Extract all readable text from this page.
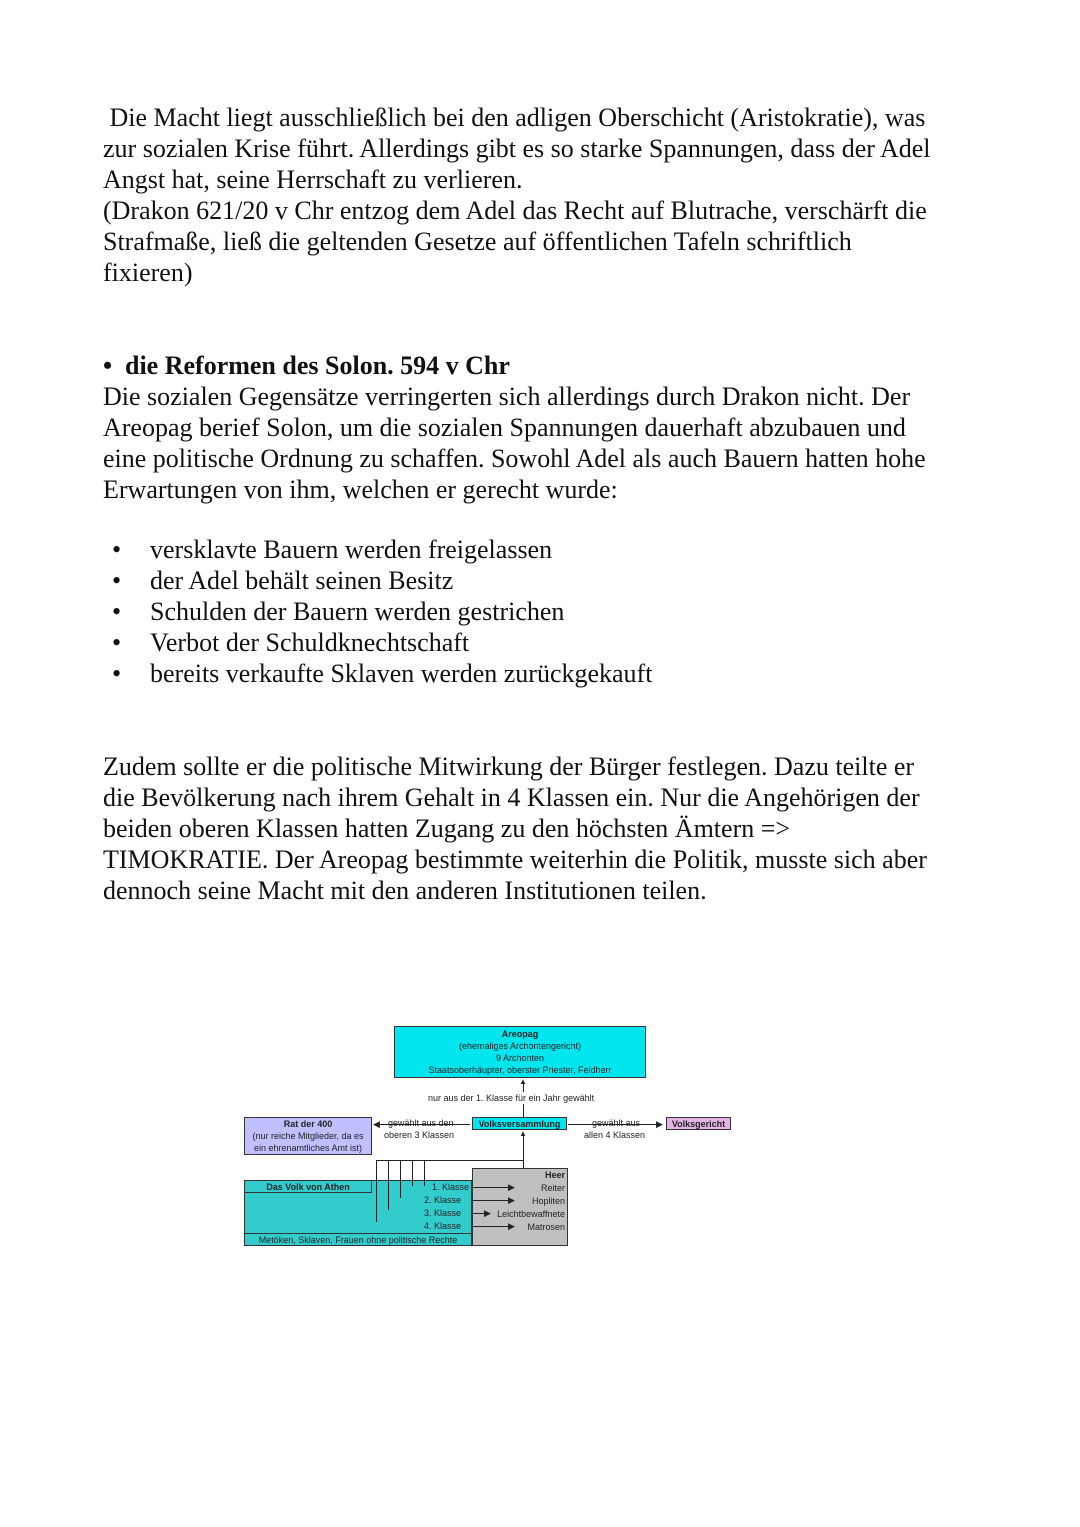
Die Macht liegt ausschließlich bei den adligen Oberschicht (Aristokratie), was
zur sozialen Krise führt. Allerdings gibt es so starke Spannungen, dass der Adel
Angst hat, seine Herrschaft zu verlieren.
(Drakon 621/20 v Chr entzog dem Adel das Recht auf Blutrache, verschärft die
Strafmaße, ließ die geltenden Gesetze auf öffentlichen Tafeln schriftlich
fixieren)
• die Reformen des Solon. 594 v Chr
Die sozialen Gegensätze verringerten sich allerdings durch Drakon nicht. Der
Areopag berief Solon, um die sozialen Spannungen dauerhaft abzubauen und
eine politische Ordnung zu schaffen. Sowohl Adel als auch Bauern hatten hohe
Erwartungen von ihm, welchen er gerecht wurde:
•	versklavte Bauern werden freigelassen
•	der Adel behält seinen Besitz
•	Schulden der Bauern werden gestrichen
•	Verbot der Schuldknechtschaft
•	bereits verkaufte Sklaven werden zurückgekauft
Zudem sollte er die politische Mitwirkung der Bürger festlegen. Dazu teilte er
die Bevölkerung nach ihrem Gehalt in 4 Klassen ein. Nur die Angehörigen der
beiden oberen Klassen hatten Zugang zu den höchsten Ämtern =>
TIMOKRATIE. Der Areopag bestimmte weiterhin die Politik, musste sich aber
dennoch seine Macht mit den anderen Institutionen teilen.
Areopag
(ehemaliges Archontengericht)
9 Archonten
Staatsoberhäupter, oberster Priester, Feldherr
▲
nur aus der 1. Klasse für ein Jahr gewählt
Rat der 400
(nur reiche Mitglieder, da es
ein ehrenamtliches Amt ist)
◀ gewählt aus den
oberen 3 Klassen
Volksversammlung	▶
gewählt aus
allen 4 Klassen
Volksgericht
▲
Das Volk von Athen	1. Klasse
2. Klasse
3. Klasse
4. Klasse
Metöken, Sklaven, Frauen ohne politische Rechte
Heer
Reiter
Hopliten
Leichtbewaffnete
Matrosen
▶
▶
▶
▶
